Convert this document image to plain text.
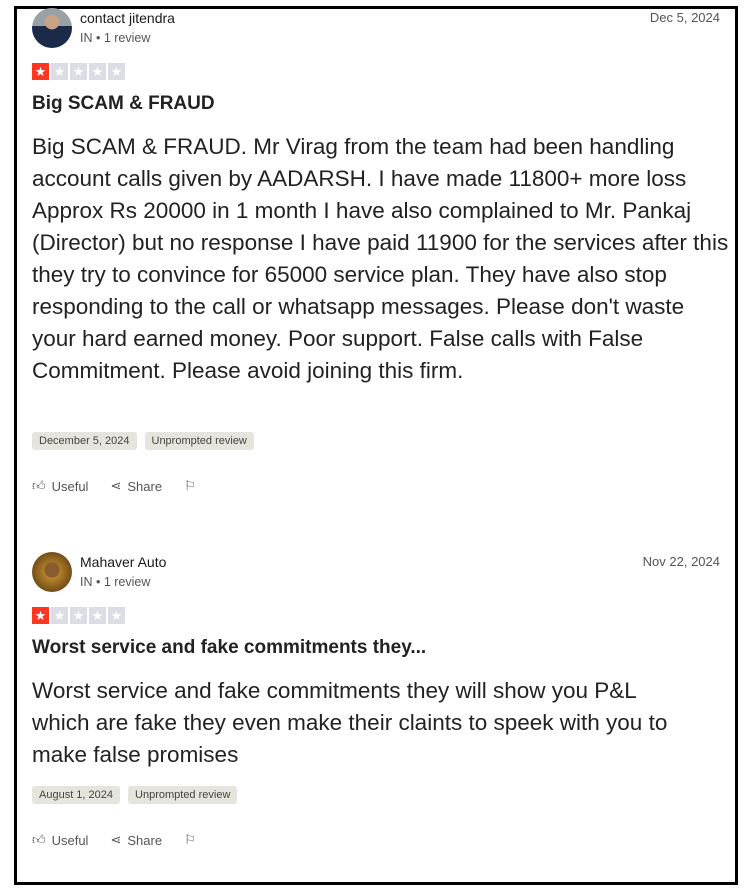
contact jitendra
IN • 1 review
Dec 5, 2024
★ ★ ★ ★ ★
Big SCAM & FRAUD
Big SCAM & FRAUD. Mr Virag from the team had been handling account calls given by AADARSH. I have made 11800+ more loss Approx Rs 20000 in 1 month I have also complained to Mr. Pankaj (Director) but no response I have paid 11900 for the services after this they try to convince for 65000 service plan. They have also stop responding to the call or whatsapp messages. Please don't waste your hard earned money. Poor support. False calls with False Commitment. Please avoid joining this firm.
December 5, 2024	Unprompted review
👍︎ Useful ⋖ Share ⚐
Mahaver Auto
IN • 1 review
Nov 22, 2024
★ ★ ★ ★ ★
Worst service and fake commitments they...
Worst service and fake commitments they will show you P&L which are fake they even make their claints to speek with you to make false promises
August 1, 2024	Unprompted review
👍︎ Useful ⋖ Share ⚐
